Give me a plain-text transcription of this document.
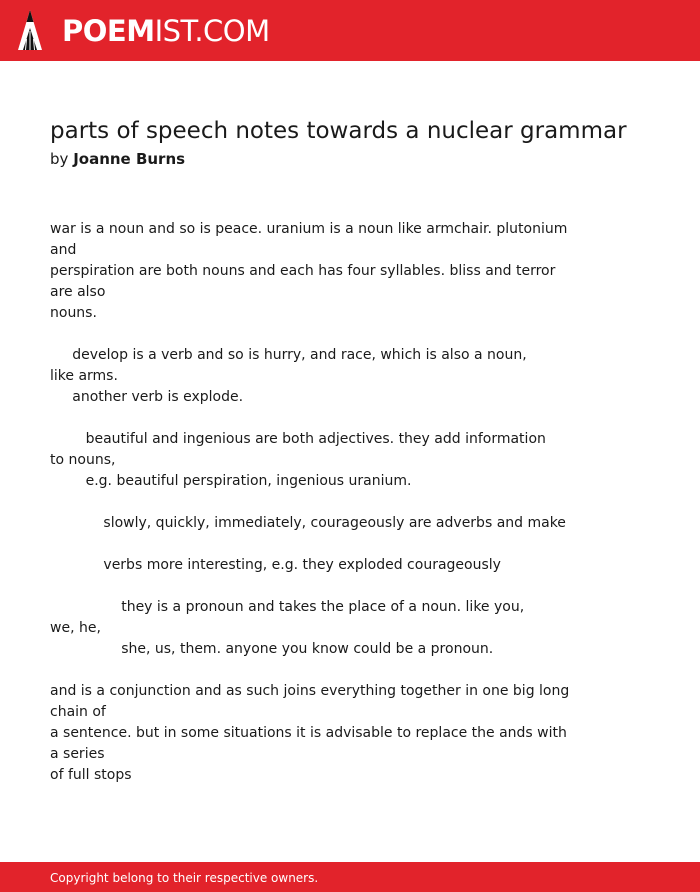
POEMIST.COM
parts of speech notes towards a nuclear grammar

by Joanne Burns

war is a noun and so is peace. uranium is a noun like armchair. plutonium
and
perspiration are both nouns and each has four syllables. bliss and terror
are also
nouns.
develop is a verb and so is hurry, and race, which is also a noun,
like arms.
another verb is explode.
beautiful and ingenious are both adjectives. they add information
to nouns,
e.g. beautiful perspiration, ingenious uranium.
slowly, quickly, immediately, courageously are adverbs and make
verbs more interesting, e.g. they exploded courageously
they is a pronoun and takes the place of a noun. like you,
we, he,
she, us, them. anyone you know could be a pronoun.
and is a conjunction and as such joins everything together in one big long
chain of
a sentence. but in some situations it is advisable to replace the ands with
a series
of full stops
Copyright belong to their respective owners.
